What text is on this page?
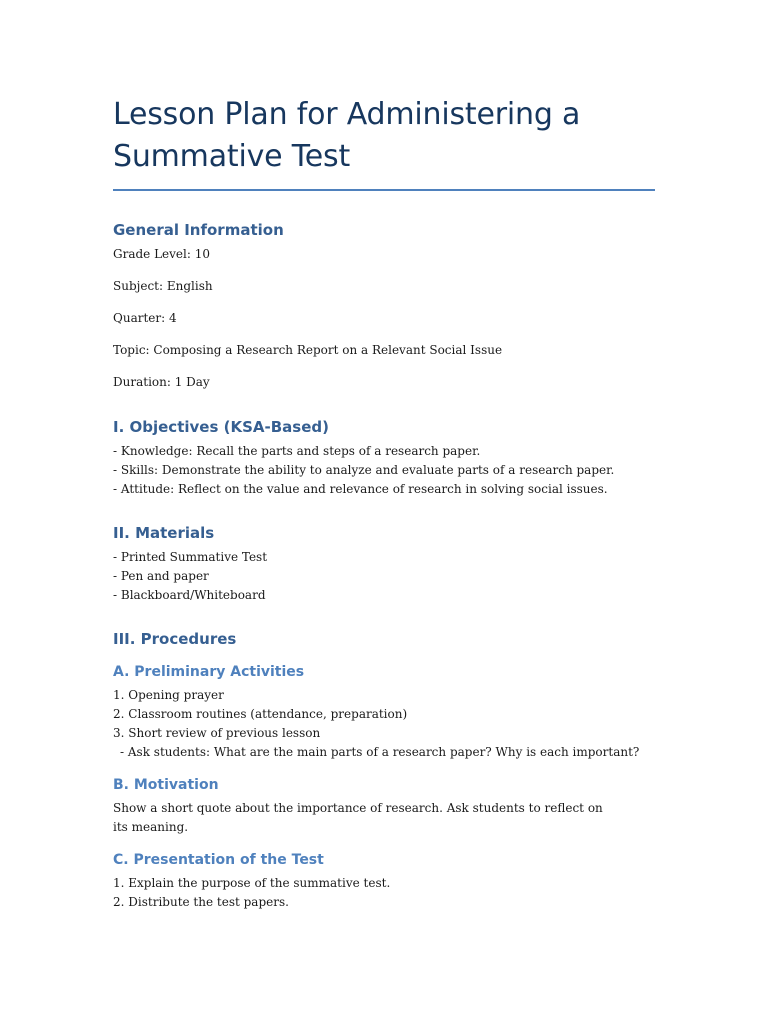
Lesson Plan for Administering a Summative Test
General Information

Grade Level: 10

Subject: English

Quarter: 4

Topic: Composing a Research Report on a Relevant Social Issue

Duration: 1 Day

I. Objectives (KSA-Based)
- Knowledge: Recall the parts and steps of a research paper.
- Skills: Demonstrate the ability to analyze and evaluate parts of a research paper.
- Attitude: Reflect on the value and relevance of research in solving social issues.
II. Materials
- Printed Summative Test
- Pen and paper
- Blackboard/Whiteboard
III. Procedures
A. Preliminary Activities
1. Opening prayer
2. Classroom routines (attendance, preparation)
3. Short review of previous lesson
- Ask students: What are the main parts of a research paper? Why is each important?
B. Motivation

Show a short quote about the importance of research. Ask students to reflect on its meaning.

C. Presentation of the Test
1. Explain the purpose of the summative test.
2. Distribute the test papers.
